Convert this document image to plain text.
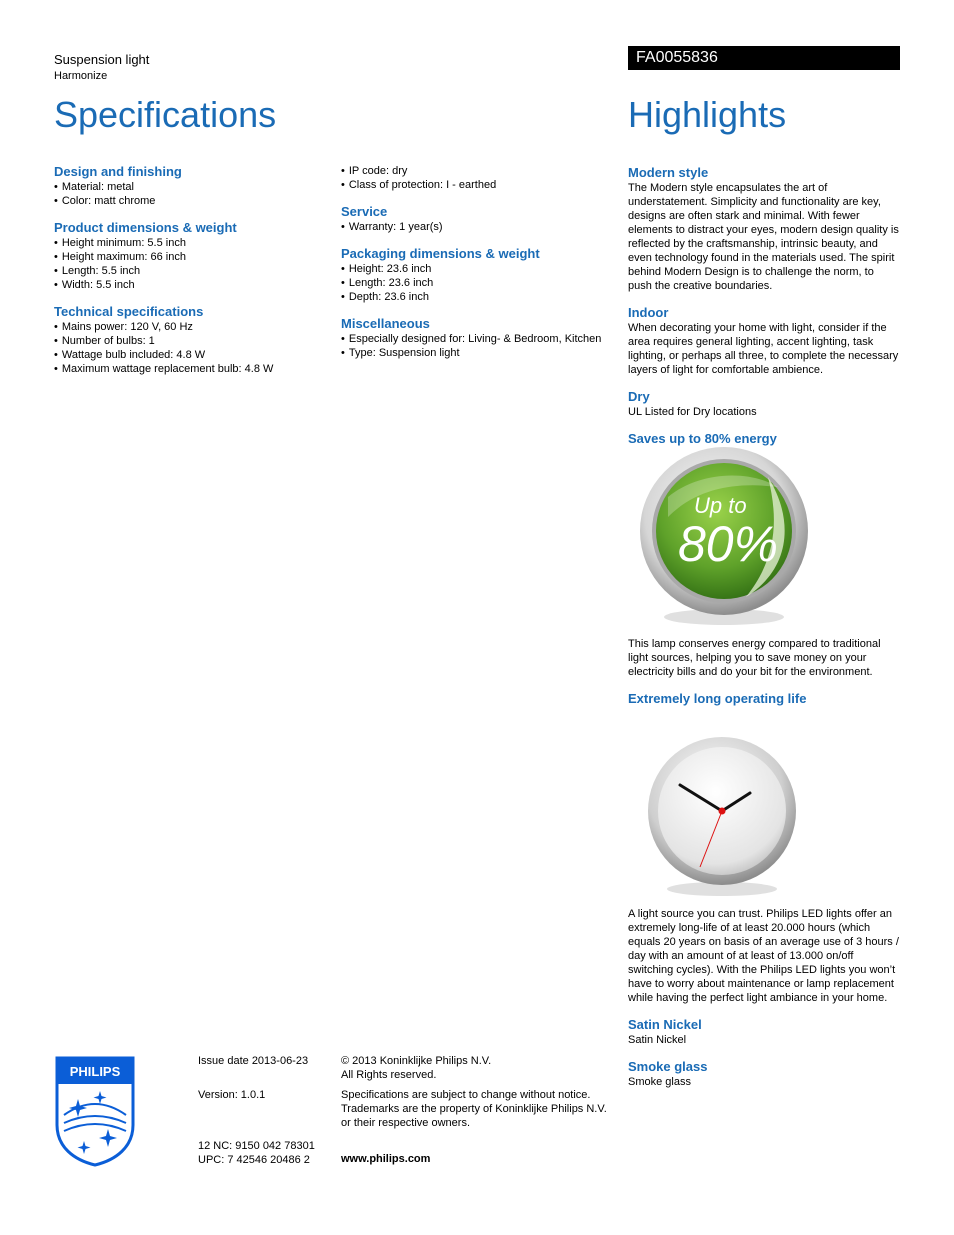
Suspension light
Harmonize
FA0055836
Specifications	Highlights
Design and finishing
• Material: metal
• Color: matt chrome
Product dimensions & weight
• Height minimum: 5.5 inch
• Height maximum: 66 inch
• Length: 5.5 inch
• Width: 5.5 inch
Technical specifications
• Mains power: 120 V, 60 Hz
• Number of bulbs: 1
• Wattage bulb included: 4.8 W
• Maximum wattage replacement bulb: 4.8 W
• IP code: dry
• Class of protection: I - earthed
Service
• Warranty: 1 year(s)
Packaging dimensions & weight
• Height: 23.6 inch
• Length: 23.6 inch
• Depth: 23.6 inch
Miscellaneous
• Especially designed for: Living- & Bedroom, Kitchen
• Type: Suspension light
Modern style

The Modern style encapsulates the art of understatement. Simplicity and functionality are key, designs are often stark and minimal. With fewer elements to distract your eyes, modern design quality is reflected by the craftsmanship, intrinsic beauty, and even technology found in the materials used. The spirit behind Modern Design is to challenge the norm, to push the creative boundaries.

Indoor

When decorating your home with light, consider if the area requires general lighting, accent lighting, task lighting, or perhaps all three, to complete the necessary layers of light for comfortable ambience.

Dry

UL Listed for Dry locations

Saves up to 80% energy
Up to
80%

This lamp conserves energy compared to traditional light sources, helping you to save money on your electricity bills and do your bit for the environment.

Extremely long operating life

A light source you can trust. Philips LED lights offer an extremely long-life of at least 20.000 hours (which equals 20 years on basis of an average use of 3 hours / day with an amount of at least of 13.000 on/off switching cycles). With the Philips LED lights you won’t have to worry about maintenance or lamp replacement while having the perfect light ambiance in your home.

Satin Nickel

Satin Nickel

Smoke glass

Smoke glass

PHILIPS
Issue date 2013-06-23
Version: 1.0.1
12 NC: 9150 042 78301
UPC: 7 42546 20486 2
© 2013 Koninklijke Philips N.V.
All Rights reserved.
Specifications are subject to change without notice. Trademarks are the property of Koninklijke Philips N.V. or their respective owners.
www.philips.com
